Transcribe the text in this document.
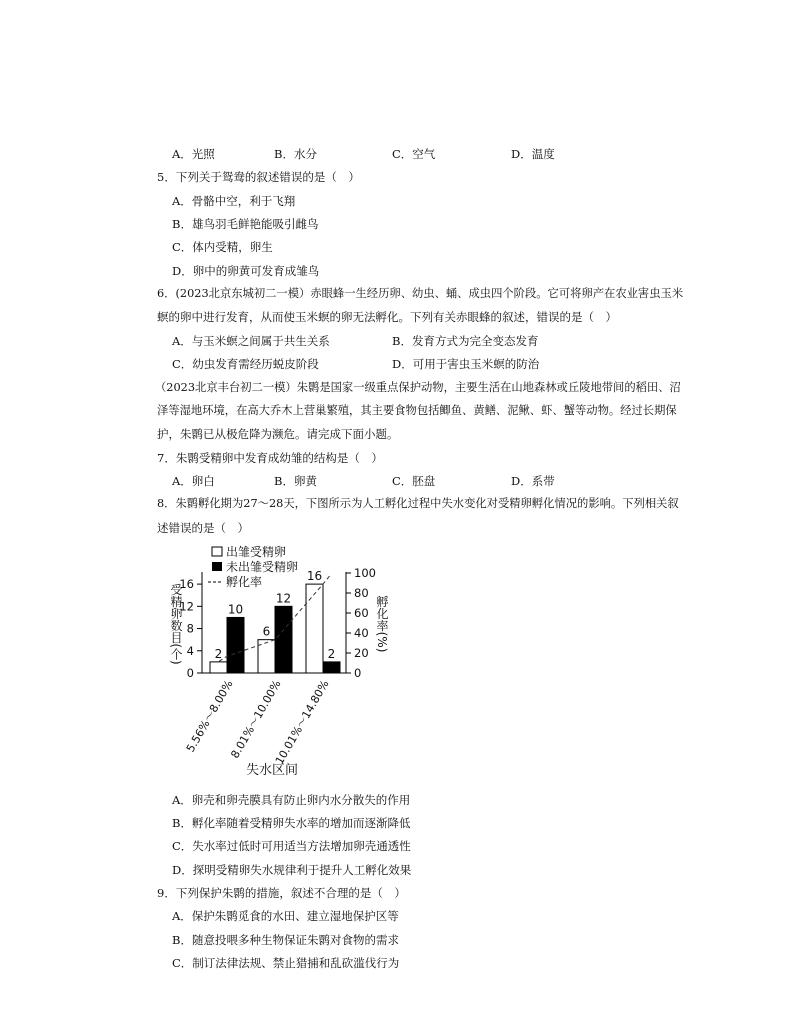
A．光照	B．水分	C．空气	D．温度
5．下列关于鸳鸯的叙述错误的是（　）
A．骨骼中空，利于飞翔
B．雄鸟羽毛鲜艳能吸引雌鸟
C．体内受精，卵生
D．卵中的卵黄可发育成雏鸟
6．(2023北京东城初二一模）赤眼蜂一生经历卵、幼虫、蛹、成虫四个阶段。它可将卵产在农业害虫玉米
螟的卵中进行发育，从而使玉米螟的卵无法孵化。下列有关赤眼蜂的叙述，错误的是（　）
A．与玉米螟之间属于共生关系	B．发育方式为完全变态发育
C．幼虫发育需经历蜕皮阶段	D．可用于害虫玉米螟的防治
（2023北京丰台初二一模）朱鹮是国家一级重点保护动物，主要生活在山地森林或丘陵地带间的稻田、沼
泽等湿地环境，在高大乔木上营巢繁殖，其主要食物包括鲫鱼、黄鳝、泥鳅、虾、蟹等动物。经过长期保
护，朱鹮已从极危降为濒危。请完成下面小题。
7．朱鹮受精卵中发育成幼雏的结构是（　）
A．卵白	B．卵黄	C．胚盘	D．系带
8．朱鹮孵化期为27～28天，下图所示为人工孵化过程中失水变化对受精卵孵化情况的影响。下列相关叙
述错误的是（　）
出雏受精卵
未出雏受精卵
孵化率
受精卵数目(个)	孵化率(%)
失水区间
0
4
8
12
16
0
20
40
60
80
100
2
10
6
12
16
2
5.56%～8.00%
8.01%～10.00%
10.01%～14.80%
A．卵壳和卵壳膜具有防止卵内水分散失的作用
B．孵化率随着受精卵失水率的增加而逐渐降低
C．失水率过低时可用适当方法增加卵壳通透性
D．探明受精卵失水规律利于提升人工孵化效果
9．下列保护朱鹮的措施，叙述不合理的是（　）
A．保护朱鹮觅食的水田、建立湿地保护区等
B．随意投喂多种生物保证朱鹮对食物的需求
C．制订法律法规、禁止猎捕和乱砍滥伐行为
